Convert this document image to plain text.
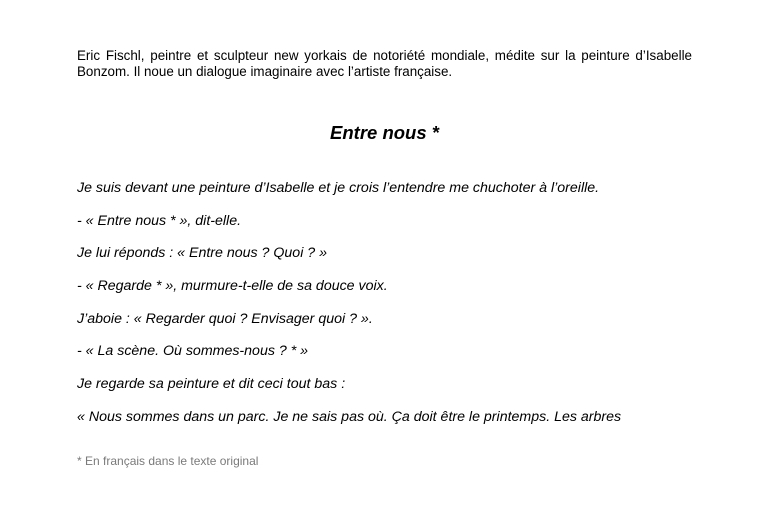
Eric Fischl, peintre et sculpteur new yorkais de notoriété mondiale, médite sur la peinture d’Isabelle Bonzom. Il noue un dialogue imaginaire avec l’artiste française.

Entre nous *
Je suis devant une peinture d’Isabelle et je crois l’entendre me chuchoter à l’oreille.
- « Entre nous * », dit-elle.
Je lui réponds : « Entre nous ? Quoi ? »
- « Regarde * », murmure-t-elle de sa douce voix.
J’aboie : « Regarder quoi ? Envisager quoi ? ».
- « La scène. Où sommes-nous ? * »
Je regarde sa peinture et dit ceci tout bas :
« Nous sommes dans un parc. Je ne sais pas où. Ça doit être le printemps. Les arbres
* En français dans le texte original
